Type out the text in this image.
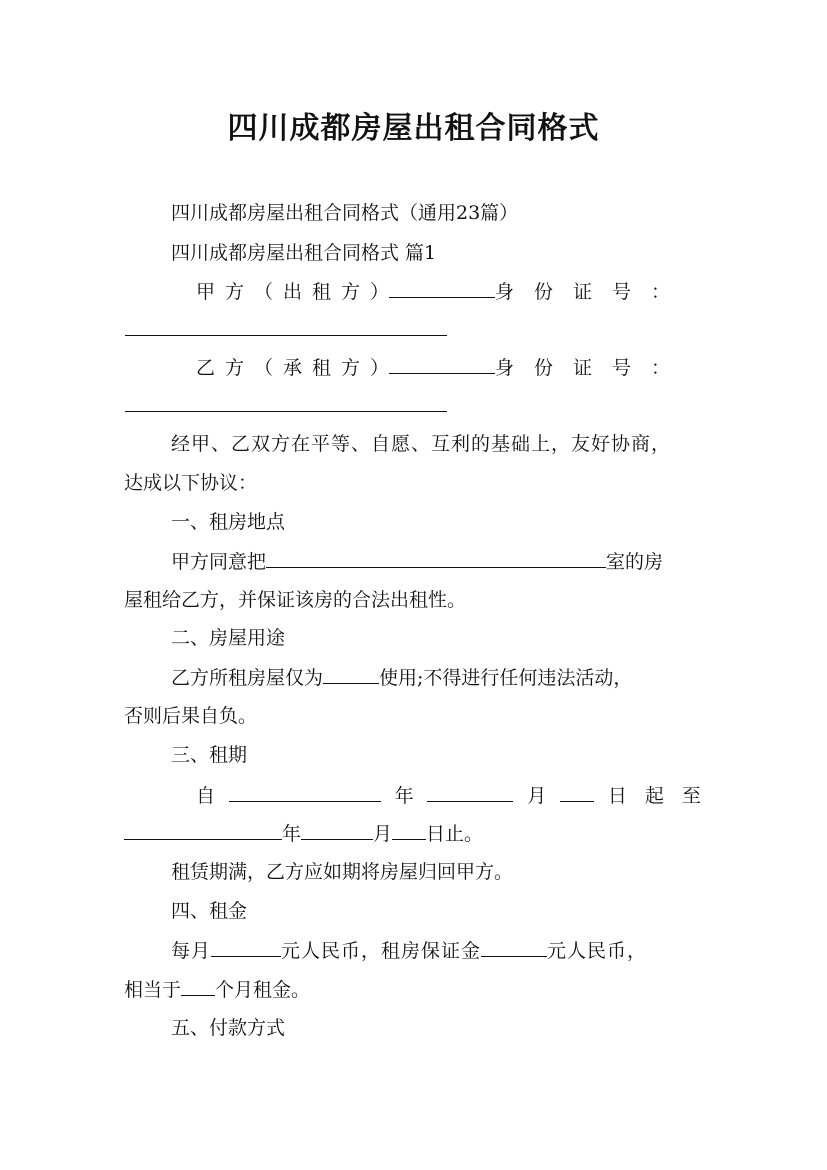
四川成都房屋出租合同格式
四川成都房屋出租合同格式（通用23篇）
四川成都房屋出租合同格式 篇1
甲方（出租方）	身份证号：
乙方（承租方）	身份证号：
经甲、乙双方在平等、自愿、互利的基础上，友好协商，
达成以下协议：
一、租房地点
甲方同意把	室的房
屋租给乙方，并保证该房的合法出租性。
二、房屋用途
乙方所租房屋仅为	使用;不得进行任何违法活动，
否则后果自负。
三、租期
自	年	月	日起至
年	月 日止。
租赁期满，乙方应如期将房屋归回甲方。
四、租金
每月	元人民币，租房保证金	元人民币，
相当于 个月租金。
五、付款方式
